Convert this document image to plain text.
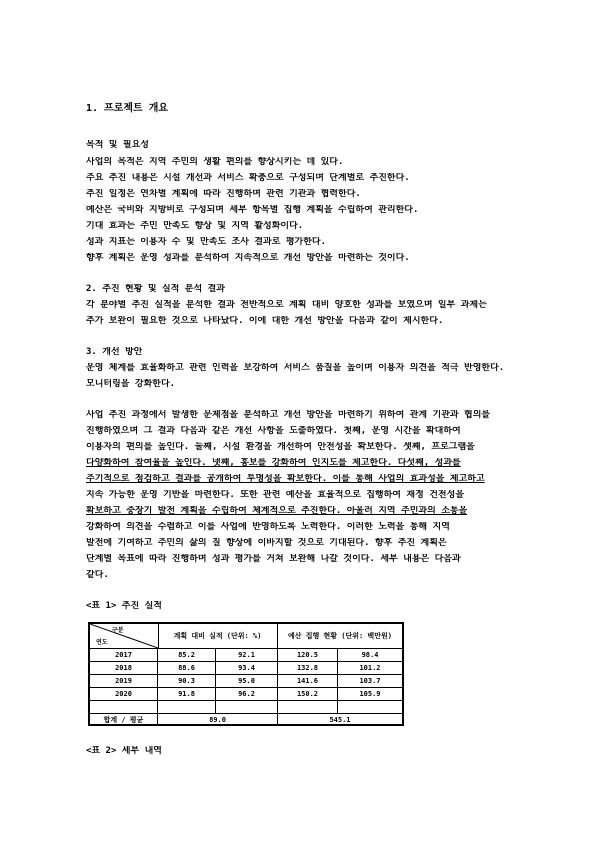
1. 프로젝트 개요
목적 및 필요성
사업의 목적은 지역 주민의 생활 편의를 향상시키는 데 있다.
주요 추진 내용은 시설 개선과 서비스 확충으로 구성되며 단계별로 추진한다.
추진 일정은 연차별 계획에 따라 진행하며 관련 기관과 협력한다.
예산은 국비와 지방비로 구성되며 세부 항목별 집행 계획을 수립하여 관리한다.
기대 효과는 주민 만족도 향상 및 지역 활성화이다.
성과 지표는 이용자 수 및 만족도 조사 결과로 평가한다.
향후 계획은 운영 성과를 분석하여 지속적으로 개선 방안을 마련하는 것이다.
2. 추진 현황 및 실적 분석 결과
각 분야별 추진 실적을 분석한 결과 전반적으로 계획 대비 양호한 성과를 보였으며 일부 과제는
추가 보완이 필요한 것으로 나타났다. 이에 대한 개선 방안을 다음과 같이 제시한다.
3. 개선 방안
운영 체계를 효율화하고 관련 인력을 보강하여 서비스 품질을 높이며 이용자 의견을 적극 반영한다.
모니터링을 강화한다.
사업 추진 과정에서 발생한 문제점을 분석하고 개선 방안을 마련하기 위하여 관계 기관과 협의를
진행하였으며 그 결과 다음과 같은 개선 사항을 도출하였다. 첫째, 운영 시간을 확대하여
이용자의 편의를 높인다. 둘째, 시설 환경을 개선하여 안전성을 확보한다. 셋째, 프로그램을
다양화하여 참여율을 높인다. 넷째, 홍보를 강화하여 인지도를 제고한다. 다섯째, 성과를
주기적으로 점검하고 결과를 공개하여 투명성을 확보한다. 이를 통해 사업의 효과성을 제고하고
지속 가능한 운영 기반을 마련한다. 또한 관련 예산을 효율적으로 집행하여 재정 건전성을
확보하고 중장기 발전 계획을 수립하여 체계적으로 추진한다. 아울러 지역 주민과의 소통을
강화하여 의견을 수렴하고 이를 사업에 반영하도록 노력한다. 이러한 노력을 통해 지역
발전에 기여하고 주민의 삶의 질 향상에 이바지할 것으로 기대된다. 향후 추진 계획은
단계별 목표에 따라 진행하며 성과 평가를 거쳐 보완해 나갈 것이다. 세부 내용은 다음과
같다.
<표 1> 추진 실적
<표 2> 세부 내역
구분
연도
계획 대비 실적 (단위: %)	예산 집행 현황 (단위: 백만원)
2017	85.2	92.1	120.5	98.4
2018	88.6	93.4	132.8	101.2
2019	90.3	95.0	141.6	103.7
2020	91.8	96.2	150.2	105.9
합계 / 평균	89.0	545.1
